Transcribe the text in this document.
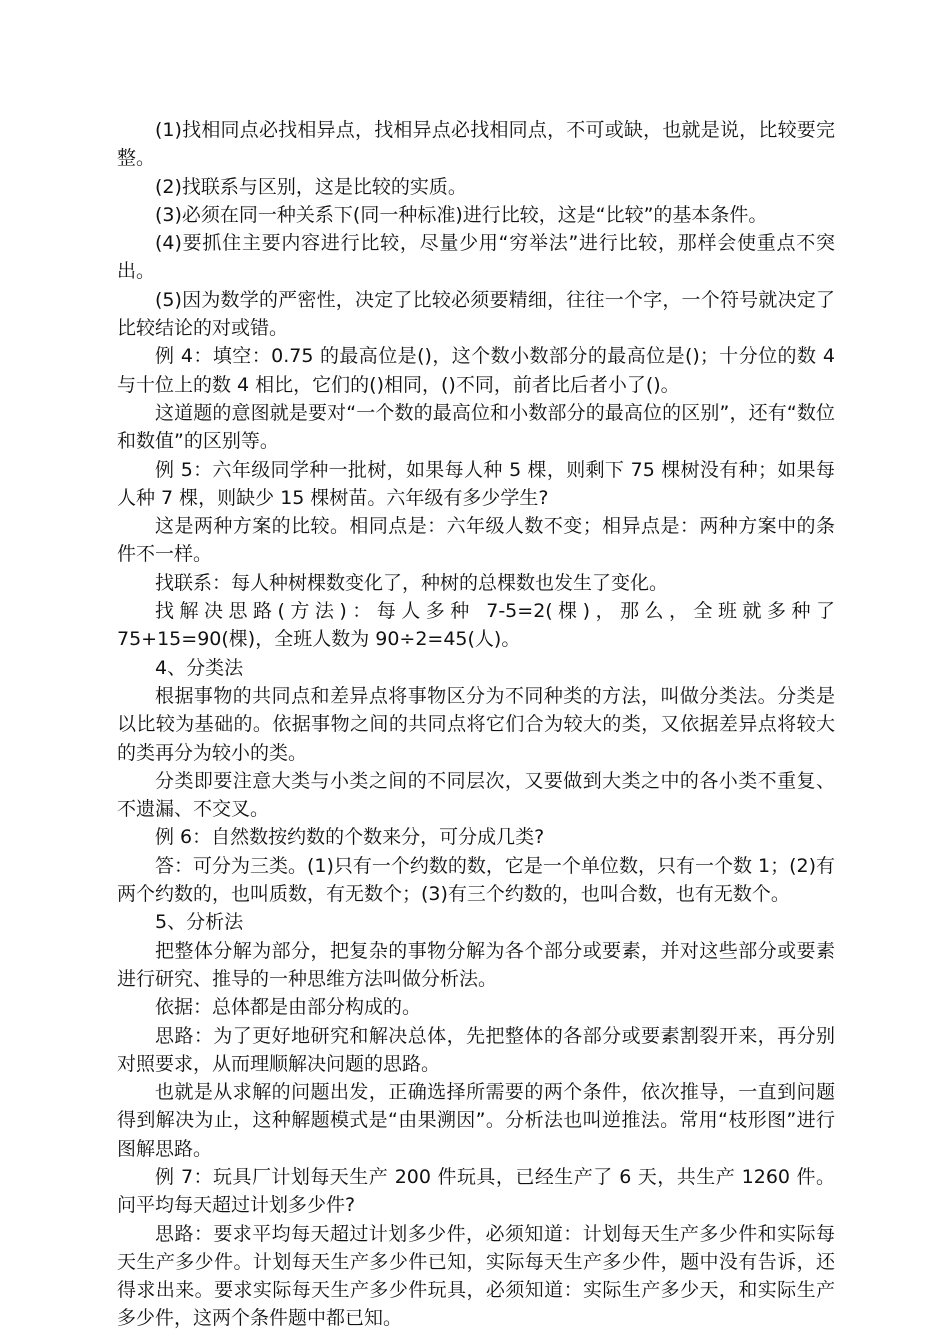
(1)找相同点必找相异点，找相异点必找相同点，不可或缺，也就是说，比较要完整。

(2)找联系与区别，这是比较的实质。

(3)必须在同一种关系下(同一种标准)进行比较，这是“比较”的基本条件。

(4)要抓住主要内容进行比较，尽量少用“穷举法”进行比较，那样会使重点不突出。

(5)因为数学的严密性，决定了比较必须要精细，往往一个字，一个符号就决定了比较结论的对或错。

例 4：填空：0.75 的最高位是()，这个数小数部分的最高位是()；十分位的数 4 与十位上的数 4 相比，它们的()相同，()不同，前者比后者小了()。

这道题的意图就是要对“一个数的最高位和小数部分的最高位的区别”，还有“数位和数值”的区别等。

例 5：六年级同学种一批树，如果每人种 5 棵，则剩下 75 棵树没有种；如果每人种 7 棵，则缺少 15 棵树苗。六年级有多少学生?

这是两种方案的比较。相同点是：六年级人数不变；相异点是：两种方案中的条件不一样。

找联系：每人种树棵数变化了，种树的总棵数也发生了变化。

找解决思路(方法)：每人多种 7-5=2(棵)，那么，全班就多种了 75+15=90(棵)，全班人数为 90÷2=45(人)。

4、分类法

根据事物的共同点和差异点将事物区分为不同种类的方法，叫做分类法。分类是以比较为基础的。依据事物之间的共同点将它们合为较大的类，又依据差异点将较大的类再分为较小的类。

分类即要注意大类与小类之间的不同层次，又要做到大类之中的各小类不重复、不遗漏、不交叉。

例 6：自然数按约数的个数来分，可分成几类?

答：可分为三类。(1)只有一个约数的数，它是一个单位数，只有一个数 1；(2)有两个约数的，也叫质数，有无数个；(3)有三个约数的，也叫合数，也有无数个。

5、分析法

把整体分解为部分，把复杂的事物分解为各个部分或要素，并对这些部分或要素进行研究、推导的一种思维方法叫做分析法。

依据：总体都是由部分构成的。

思路：为了更好地研究和解决总体，先把整体的各部分或要素割裂开来，再分别对照要求，从而理顺解决问题的思路。

也就是从求解的问题出发，正确选择所需要的两个条件，依次推导，一直到问题得到解决为止，这种解题模式是“由果溯因”。分析法也叫逆推法。常用“枝形图”进行图解思路。

例 7：玩具厂计划每天生产 200 件玩具，已经生产了 6 天，共生产 1260 件。问平均每天超过计划多少件?

思路：要求平均每天超过计划多少件，必须知道：计划每天生产多少件和实际每天生产多少件。计划每天生产多少件已知，实际每天生产多少件，题中没有告诉，还得求出来。要求实际每天生产多少件玩具，必须知道：实际生产多少天，和实际生产多少件，这两个条件题中都已知。
